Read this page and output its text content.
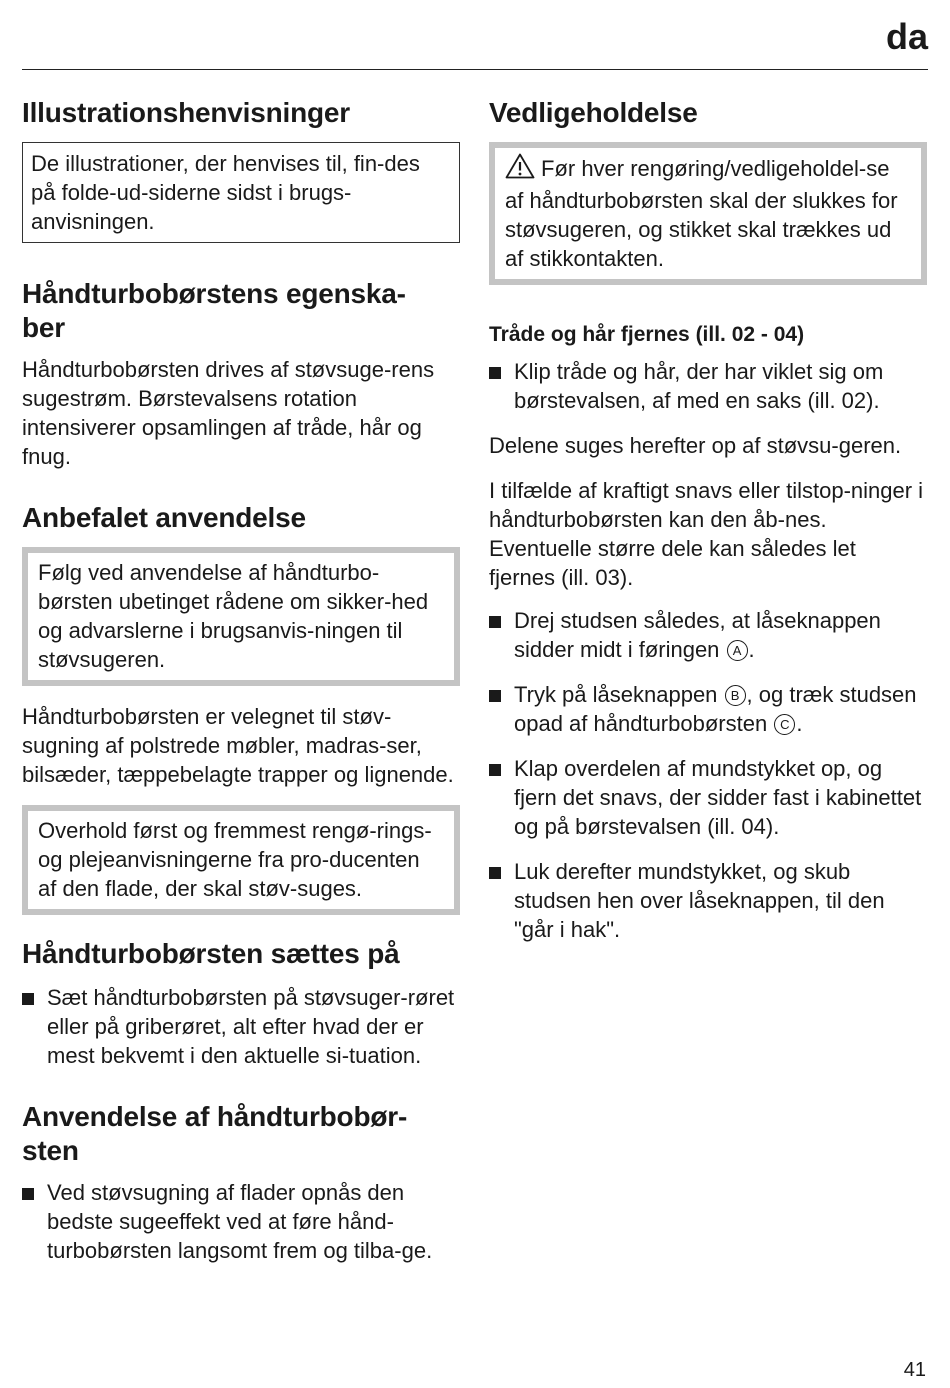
da
Illustrationshenvisninger
De illustrationer, der henvises til, fin-des på folde-ud-siderne sidst i brugs-anvisningen.
Håndturbobørstens egenska-
ber

Håndturbobørsten drives af støvsuge-rens sugestrøm. Børstevalsens rotation intensiverer opsamlingen af tråde, hår og fnug.

Anbefalet anvendelse
Følg ved anvendelse af håndturbo-børsten ubetinget rådene om sikker-hed og advarslerne i brugsanvis-ningen til støvsugeren.

Håndturbobørsten er velegnet til støv-sugning af polstrede møbler, madras-ser, bilsæder, tæppebelagte trapper og lignende.

Overhold først og fremmest rengø-rings- og plejeanvisningerne fra pro-ducenten af den flade, der skal støv-suges.
Håndturbobørsten sættes på
Sæt håndturbobørsten på støvsuger-røret eller på griberøret, alt efter hvad der er mest bekvemt i den aktuelle si-tuation.
Anvendelse af håndturbobør-
sten
Ved støvsugning af flader opnås den bedste sugeeffekt ved at føre hånd-turbobørsten langsomt frem og tilba-ge.
Vedligeholdelse
Før hver rengøring/vedligeholdel-se af håndturbobørsten skal der slukkes for støvsugeren, og stikket skal trækkes ud af stikkontakten.
Tråde og hår fjernes (ill. 02 - 04)
Klip tråde og hår, der har viklet sig om børstevalsen, af med en saks (ill. 02).

Delene suges herefter op af støvsu-geren.

I tilfælde af kraftigt snavs eller tilstop-ninger i håndturbobørsten kan den åb-nes. Eventuelle større dele kan således let fjernes (ill. 03).

Drej studsen således, at låseknappen sidder midt i føringen A .
Tryk på låseknappen B , og træk studsen opad af håndturbobørsten C .
Klap overdelen af mundstykket op, og fjern det snavs, der sidder fast i kabinettet og på børstevalsen (ill. 04).
Luk derefter mundstykket, og skub studsen hen over låseknappen, til den "går i hak".
41
